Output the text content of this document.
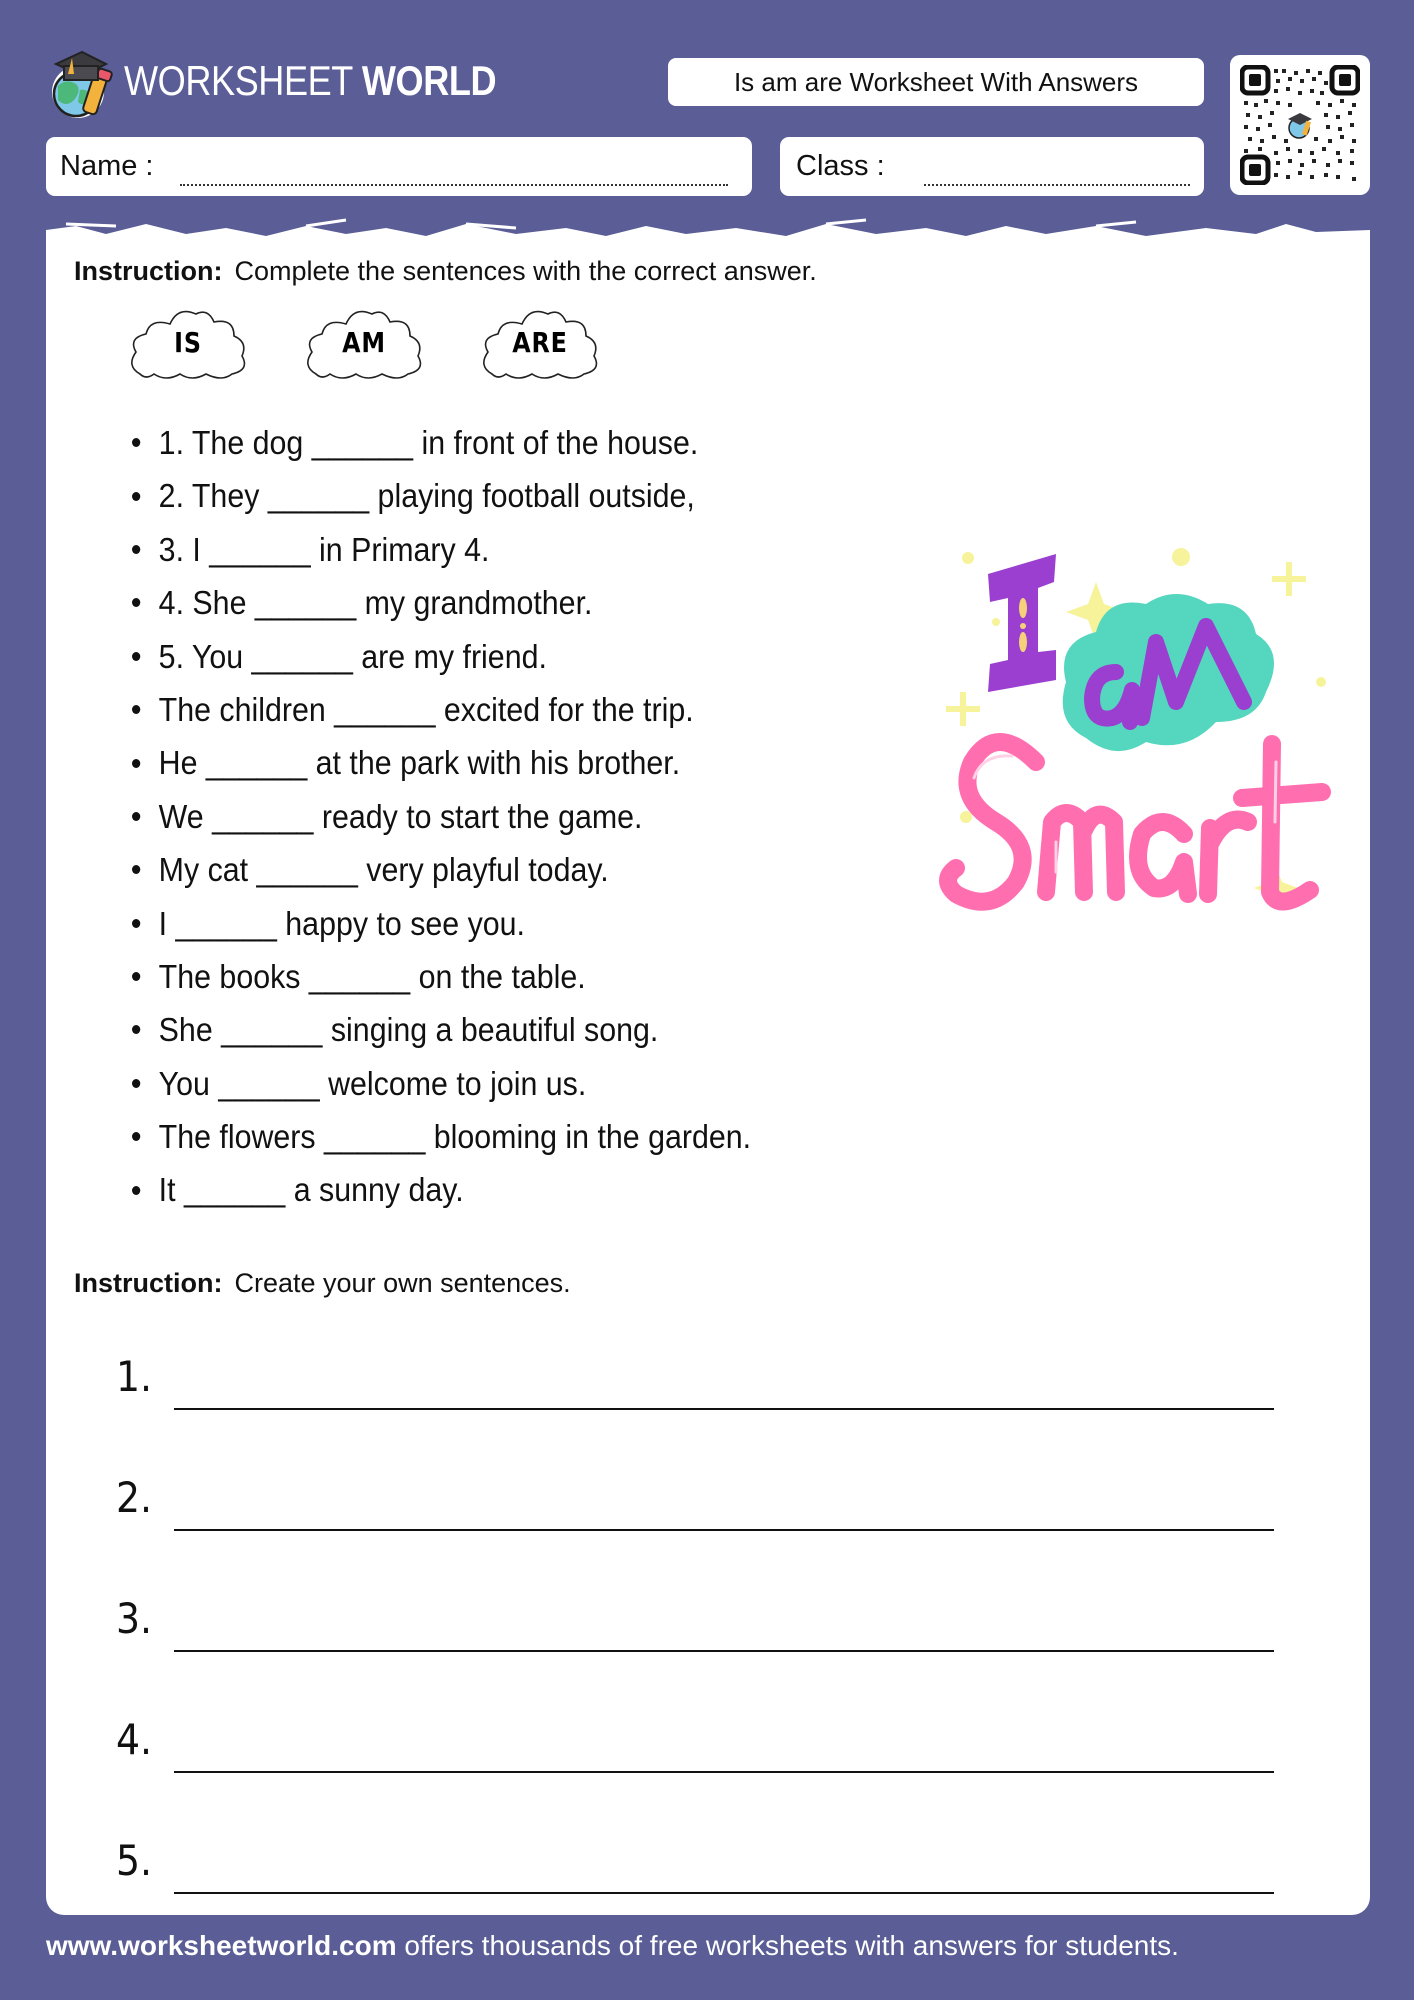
WORKSHEET WORLD	Is am are Worksheet With Answers
Name :	Class :
Instruction: Complete the sentences with the correct answer.
IS	AM	ARE
1. The dog ______ in front of the house.
2. They ______ playing football outside,
3. I ______ in Primary 4.
4. She ______ my grandmother.
5. You ______ are my friend.
The children ______ excited for the trip.
He ______ at the park with his brother.
We ______ ready to start the game.
My cat ______ very playful today.
I ______ happy to see you.
The books ______ on the table.
She ______ singing a beautiful song.
You ______ welcome to join us.
The flowers ______ blooming in the garden.
It ______ a sunny day.
Instruction: Create your own sentences.
1.
2.
3.
4.
5.
www.worksheetworld.com offers thousands of free worksheets with answers for students.
